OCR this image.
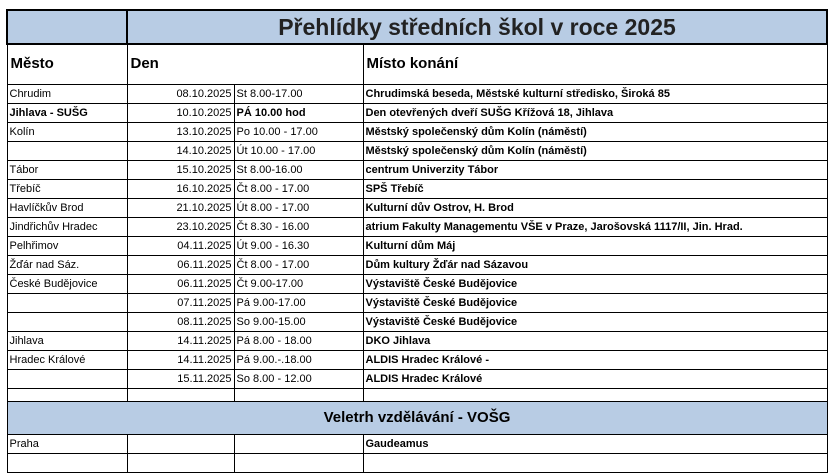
	Přehlídky středních škol v roce 2025		
Město	Den		Místo konání
Chrudim	08.10.2025	St 8.00-17.00	Chrudimská beseda, Městské kulturní středisko, Široká 85
Jihlava - SUŠG	10.10.2025	PÁ 10.00 hod	Den otevřených dveří SUŠG Křížová 18, Jihlava
Kolín	13.10.2025	Po 10.00 - 17.00	Městský společenský dům Kolín (náměstí)
	14.10.2025	Út 10.00 - 17.00	Městský společenský dům Kolín (náměstí)
Tábor	15.10.2025	St 8.00-16.00	centrum Univerzity Tábor
Třebíč	16.10.2025	Čt 8.00 - 17.00	SPŠ Třebíč
Havlíčkův Brod	21.10.2025	Út 8.00 - 17.00	Kulturní dův Ostrov, H. Brod
Jindřichův Hradec	23.10.2025	Čt 8.30 - 16.00	atrium Fakulty Managementu VŠE v Praze, Jarošovská 1117/II, Jin. Hrad.
Pelhřimov	04.11.2025	Út 9.00 - 16.30	Kulturní dům Máj
Žďár nad Sáz.	06.11.2025	Čt 8.00 - 17.00	Dům kultury Žďár nad Sázavou
České Budějovice	06.11.2025	Čt 9.00-17.00	Výstaviště České Budějovice
	07.11.2025	Pá 9.00-17.00	Výstaviště České Budějovice
	08.11.2025	So 9.00-15.00	Výstaviště České Budějovice
Jihlava	14.11.2025	Pá 8.00 - 18.00	DKO Jihlava
Hradec Králové	14.11.2025	Pá 9.00.-.18.00	ALDIS Hradec Králové -
	15.11.2025	So 8.00 - 12.00	ALDIS Hradec Králové

Veletrh vzdělávání - VOŠG			
Praha			Gaudeamus
